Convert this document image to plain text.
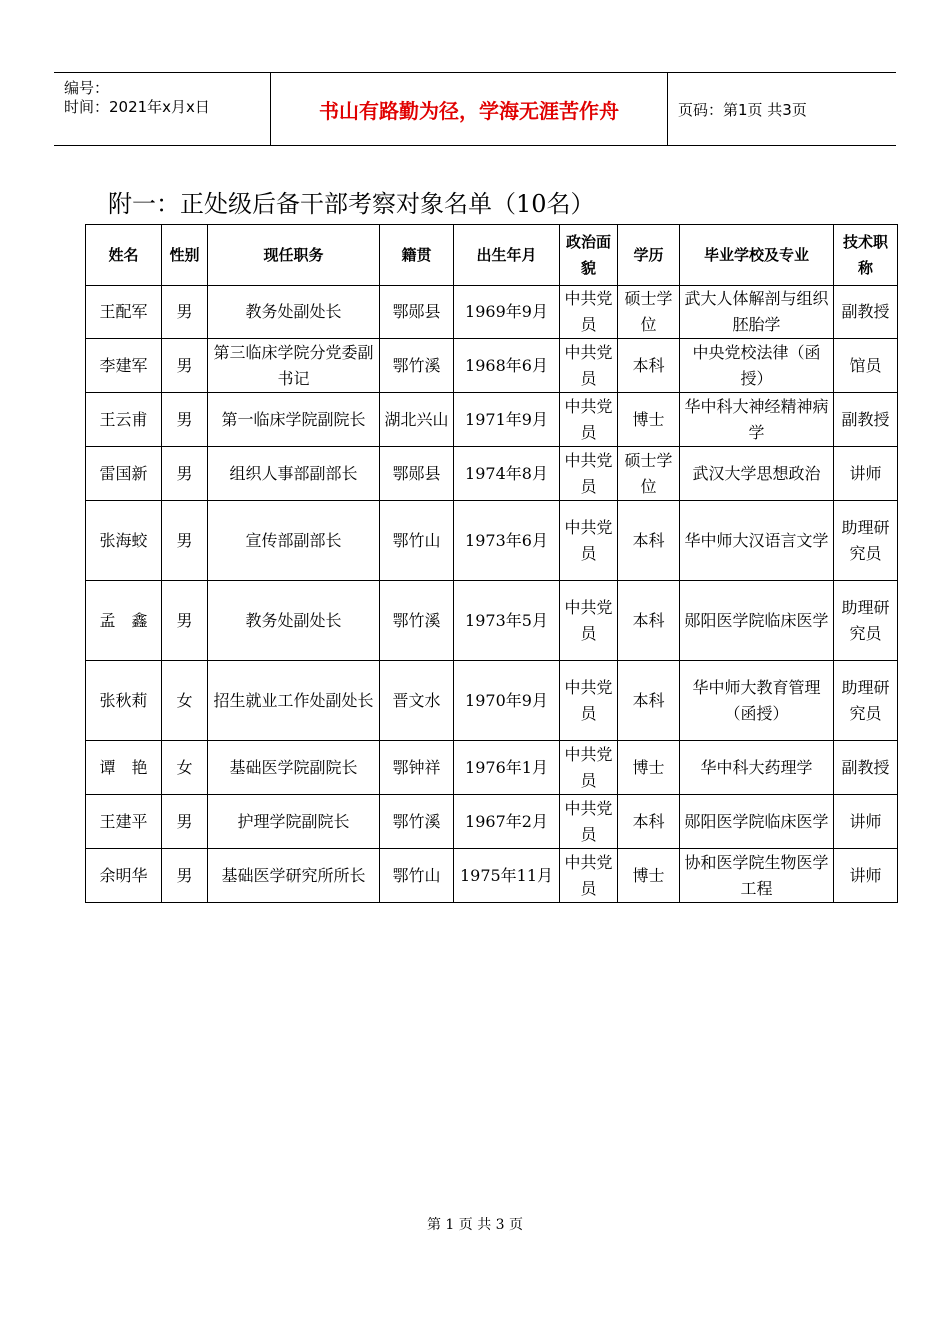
编号：
时间：2021年x月x日	书山有路勤为径，学海无涯苦作舟	页码：第1页 共3页
附一：正处级后备干部考察对象名单（10名）
姓名	性别	现任职务	籍贯	出生年月	政治面貌	学历	毕业学校及专业	技术职称
王配军	男	教务处副处长	鄂郧县	1969年9月	中共党员	硕士学位	武大人体解剖与组织胚胎学	副教授
李建军	男	第三临床学院分党委副书记	鄂竹溪	1968年6月	中共党员	本科	中央党校法律（函授）	馆员
王云甫	男	第一临床学院副院长	湖北兴山	1971年9月	中共党员	博士	华中科大神经精神病学	副教授
雷国新	男	组织人事部副部长	鄂郧县	1974年8月	中共党员	硕士学位	武汉大学思想政治	讲师
张海蛟	男	宣传部副部长	鄂竹山	1973年6月	中共党员	本科	华中师大汉语言文学	助理研究员
孟　鑫	男	教务处副处长	鄂竹溪	1973年5月	中共党员	本科	郧阳医学院临床医学	助理研究员
张秋莉	女	招生就业工作处副处长	晋文水	1970年9月	中共党员	本科	华中师大教育管理（函授）	助理研究员
谭　艳	女	基础医学院副院长	鄂钟祥	1976年1月	中共党员	博士	华中科大药理学	副教授
王建平	男	护理学院副院长	鄂竹溪	1967年2月	中共党员	本科	郧阳医学院临床医学	讲师
余明华	男	基础医学研究所所长	鄂竹山	1975年11月	中共党员	博士	协和医学院生物医学工程	讲师
第 1 页 共 3 页
